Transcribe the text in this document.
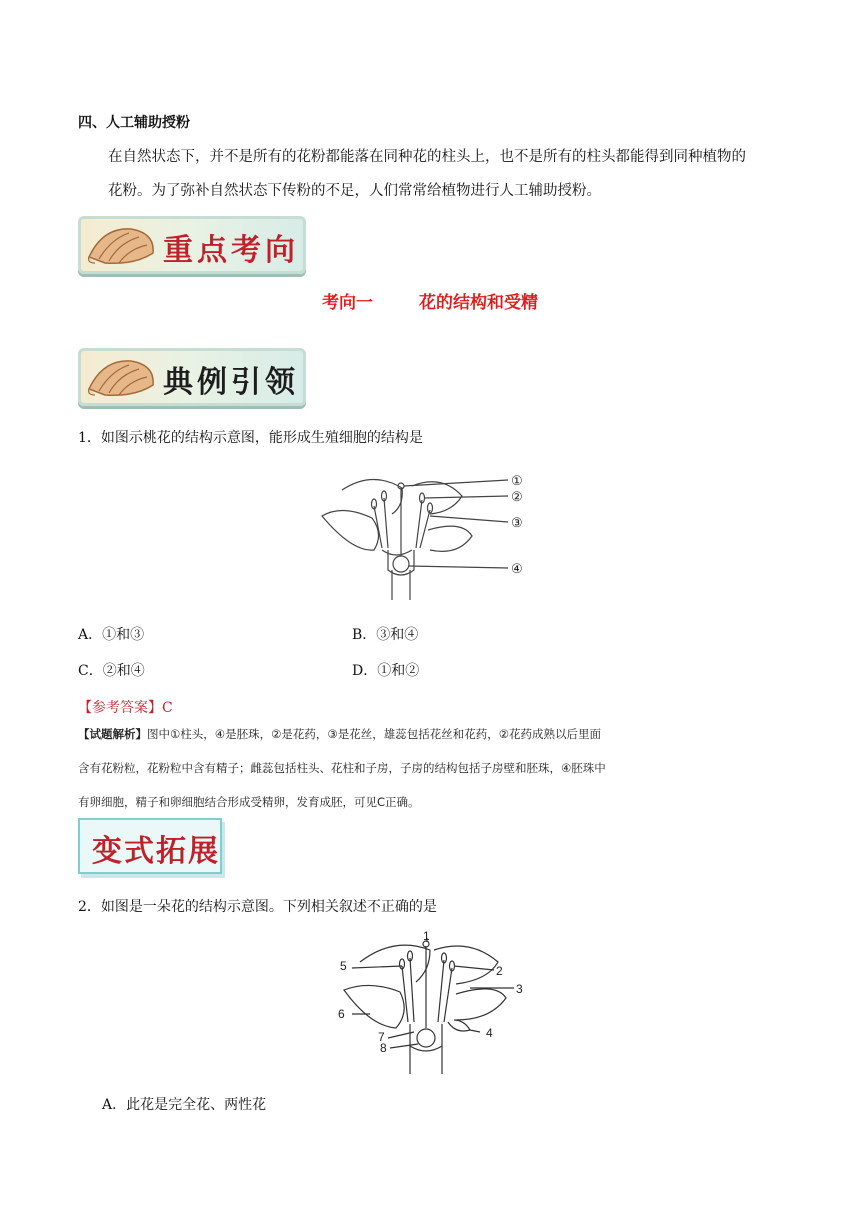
四、人工辅助授粉
在自然状态下，并不是所有的花粉都能落在同种花的柱头上，也不是所有的柱头都能得到同种植物的
花粉。为了弥补自然状态下传粉的不足，人们常常给植物进行人工辅助授粉。
重点考向
考向一	花的结构和受精
典例引领
1．如图示桃花的结构示意图，能形成生殖细胞的结构是
①
②
③
④
A．①和③	B．③和④
C．②和④	D．①和②
【参考答案】C
【试题解析】图中①柱头，④是胚珠，②是花药，③是花丝，雄蕊包括花丝和花药，②花药成熟以后里面
含有花粉粒，花粉粒中含有精子；雌蕊包括柱头、花柱和子房，子房的结构包括子房壁和胚珠，④胚珠中
有卵细胞，精子和卵细胞结合形成受精卵，发育成胚，可见C正确。
变式拓展
2．如图是一朵花的结构示意图。下列相关叙述不正确的是
1
2
3
4
5
6
7
8
A．此花是完全花、两性花
